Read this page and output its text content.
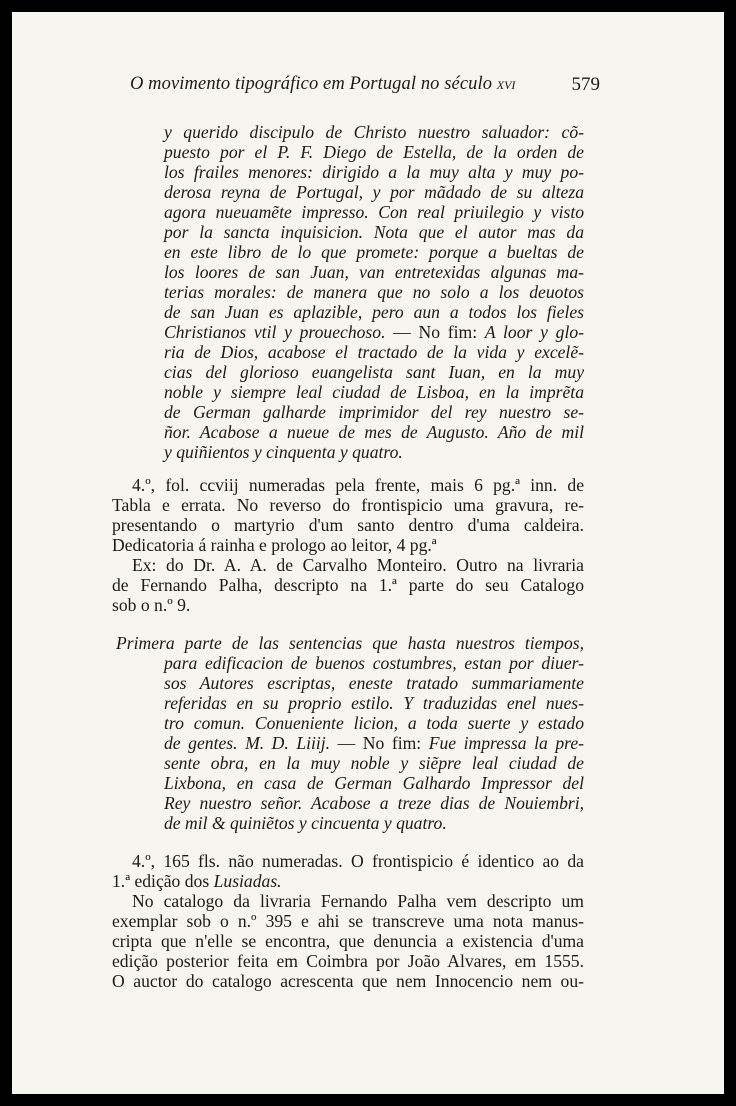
O movimento tipográfico em Portugal no século xvi	579
y querido discipulo de Christo nuestro saluador: cõ-
puesto por el P. F. Diego de Estella, de la orden de
los frailes menores: dirigido a la muy alta y muy po-
derosa reyna de Portugal, y por mãdado de su alteza
agora nueuamẽte impresso. Con real priuilegio y visto
por la sancta inquisicion. Nota que el autor mas da
en este libro de lo que promete: porque a bueltas de
los loores de san Juan, van entretexidas algunas ma-
terias morales: de manera que no solo a los deuotos
de san Juan es aplazible, pero aun a todos los fieles
Christianos vtil y prouechoso. — No fim: A loor y glo-
ria de Dios, acabose el tractado de la vida y excelẽ-
cias del glorioso euangelista sant Iuan, en la muy
noble y siempre leal ciudad de Lisboa, en la imprẽta
de German galharde imprimidor del rey nuestro se-
ñor. Acabose a nueue de mes de Augusto. Año de mil
y quiñientos y cinquenta y quatro.
4.º, fol. ccviij numeradas pela frente, mais 6 pg.ª inn. de
Tabla e errata. No reverso do frontispicio uma gravura, re-
presentando o martyrio d'um santo dentro d'uma caldeira.
Dedicatoria á rainha e prologo ao leitor, 4 pg.ª
Ex: do Dr. A. A. de Carvalho Monteiro. Outro na livraria
de Fernando Palha, descripto na 1.ª parte do seu Catalogo
sob o n.º 9.
Primera parte de las sentencias que hasta nuestros tiempos,
para edificacion de buenos costumbres, estan por diuer-
sos Autores escriptas, eneste tratado summariamente
referidas en su proprio estilo. Y traduzidas enel nues-
tro comun. Conueniente licion, a toda suerte y estado
de gentes. M. D. Liiij. — No fim: Fue impressa la pre-
sente obra, en la muy noble y siẽpre leal ciudad de
Lixbona, en casa de German Galhardo Impressor del
Rey nuestro señor. Acabose a treze dias de Nouiembri,
de mil & quiniẽtos y cincuenta y quatro.
4.º, 165 fls. não numeradas. O frontispicio é identico ao da
1.ª edição dos Lusiadas.
No catalogo da livraria Fernando Palha vem descripto um
exemplar sob o n.º 395 e ahi se transcreve uma nota manus-
cripta que n'elle se encontra, que denuncia a existencia d'uma
edição posterior feita em Coimbra por João Alvares, em 1555.
O auctor do catalogo acrescenta que nem Innocencio nem ou-
